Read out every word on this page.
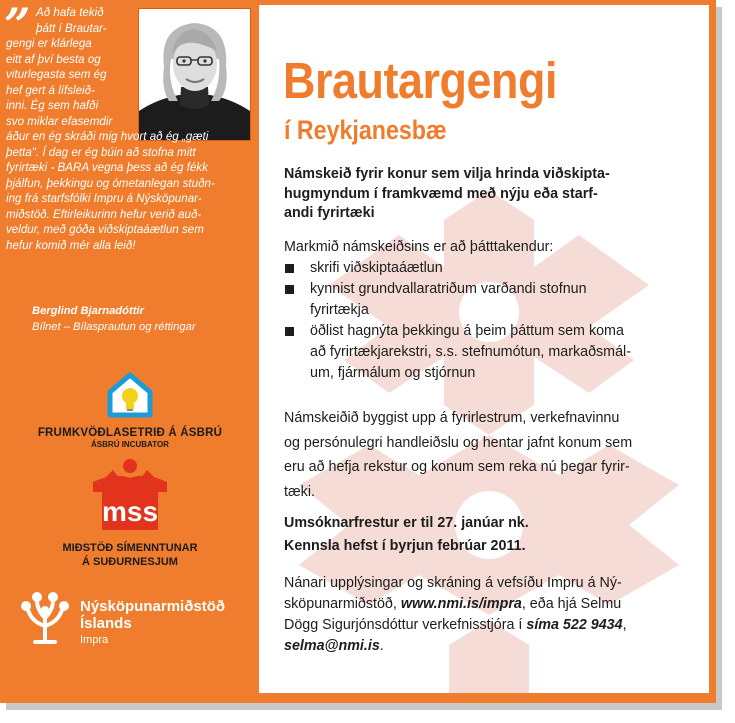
” Að hafa tekið
þátt í Brautar-
gengi er klárlega
eitt af því besta og
viturlegasta sem ég
hef gert á lífsleið-
inni. Ég sem hafði
svo miklar efasemdir
áður en ég skráði mig hvort að ég „gæti
þetta". Í dag er ég búin að stofna mitt
fyrirtæki - BARA vegna þess að ég fékk
þjálfun, þekkingu og ómetanlegan stuðn-
ing frá starfsfólki Impru á Nýsköpunar-
miðstöð. Eftirleikurinn hefur verið auð-
veldur, með góða viðskiptaáætlun sem
hefur komið mér alla leið!
Berglind Bjarnadóttir
Bílnet – Bílasprautun og réttingar
FRUMKVÖÐLASETRIÐ Á ÁSBRÚ
ÁSBRÚ INCUBATOR
mss
MIÐSTÖÐ SÍMENNTUNAR
Á SUÐURNESJUM
Nýsköpunarmiðstöð
Íslands
Impra
Brautargengi
í Reykjanesbæ
Námskeið fyrir konur sem vilja hrinda viðskipta-
hugmyndum í framkvæmd með nýju eða starf-
andi fyrirtæki
Markmið námskeiðsins er að þátttakendur:
skrifi viðskiptaáætlun
kynnist grundvallaratriðum varðandi stofnun
fyrirtækja
öðlist hagnýta þekkingu á þeim þáttum sem koma
að fyrirtækjarekstri, s.s. stefnumótun, markaðsmál-
um, fjármálum og stjórnun
Námskeiðið byggist upp á fyrirlestrum, verkefnavinnu
og persónulegri handleiðslu og hentar jafnt konum sem
eru að hefja rekstur og konum sem reka nú þegar fyrir-
tæki.
Umsóknarfrestur er til 27. janúar nk.
Kennsla hefst í byrjun febrúar 2011.
Nánari upplýsingar og skráning á vefsíðu Impru á Ný-
sköpunarmiðstöð, www.nmi.is/impra, eða hjá Selmu
Dögg Sigurjónsdóttur verkefnisstjóra í síma 522 9434,
selma@nmi.is.
